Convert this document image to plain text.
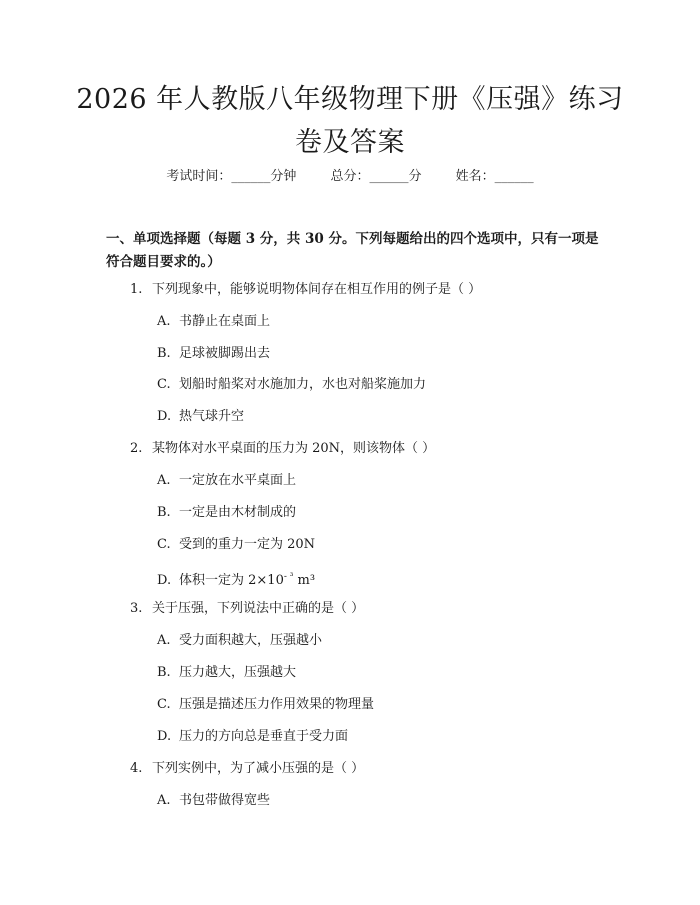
2026 年人教版八年级物理下册《压强》练习卷及答案
考试时间：______分钟	总分：______分	姓名：______
一、单项选择题（每题 3 分，共 30 分。下列每题给出的四个选项中，只有一项是符合题目要求的。）
1. 下列现象中，能够说明物体间存在相互作用的例子是（ ）
A. 书静止在桌面上
B. 足球被脚踢出去
C. 划船时船桨对水施加力，水也对船桨施加力
D. 热气球升空
2. 某物体对水平桌面的压力为 20N，则该物体（ ）
A. 一定放在水平桌面上
B. 一定是由木材制成的
C. 受到的重力一定为 20N
D. 体积一定为 $2\times 10^{- ^3}$ m³
3. 关于压强，下列说法中正确的是（ ）
A. 受力面积越大，压强越小
B. 压力越大，压强越大
C. 压强是描述压力作用效果的物理量
D. 压力的方向总是垂直于受力面
4. 下列实例中，为了减小压强的是（ ）
A. 书包带做得宽些
